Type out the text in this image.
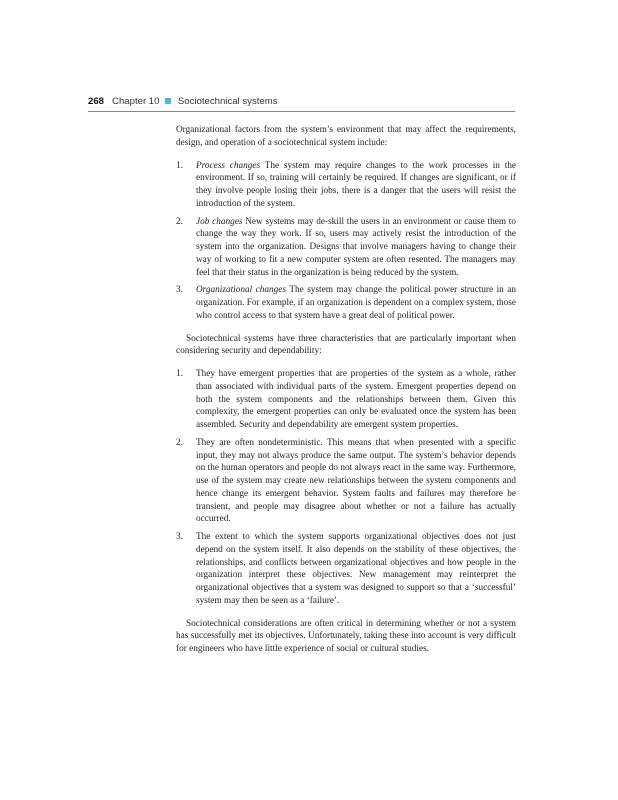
268 Chapter 10 Sociotechnical systems

Organizational factors from the system’s environment that may affect the requirements, design, and operation of a sociotechnical system include:

1. Process changes The system may require changes to the work processes in the environment. If so, training will certainly be required. If changes are significant, or if they involve people losing their jobs, there is a danger that the users will resist the introduction of the system.
2. Job changes New systems may de-skill the users in an environment or cause them to change the way they work. If so, users may actively resist the introduction of the system into the organization. Designs that involve managers having to change their way of working to fit a new computer system are often resented. The managers may feel that their status in the organization is being reduced by the system.
3. Organizational changes The system may change the political power structure in an organization. For example, if an organization is dependent on a complex system, those who control access to that system have a great deal of political power.

Sociotechnical systems have three characteristics that are particularly important when considering security and dependability:

1. They have emergent properties that are properties of the system as a whole, rather than associated with individual parts of the system. Emergent properties depend on both the system components and the relationships between them. Given this complexity, the emergent properties can only be evaluated once the system has been assembled. Security and dependability are emergent system properties.
2. They are often nondeterministic. This means that when presented with a specific input, they may not always produce the same output. The system’s behavior depends on the human operators and people do not always react in the same way. Furthermore, use of the system may create new relationships between the system components and hence change its emergent behavior. System faults and failures may therefore be transient, and people may disagree about whether or not a failure has actually occurred.
3. The extent to which the system supports organizational objectives does not just depend on the system itself. It also depends on the stability of these objectives, the relationships, and conflicts between organizational objectives and how people in the organization interpret these objectives. New management may reinterpret the organizational objectives that a system was designed to support so that a ‘successful’ system may then be seen as a ‘failure’.

Sociotechnical considerations are often critical in determining whether or not a system has successfully met its objectives. Unfortunately, taking these into account is very difficult for engineers who have little experience of social or cultural studies.
